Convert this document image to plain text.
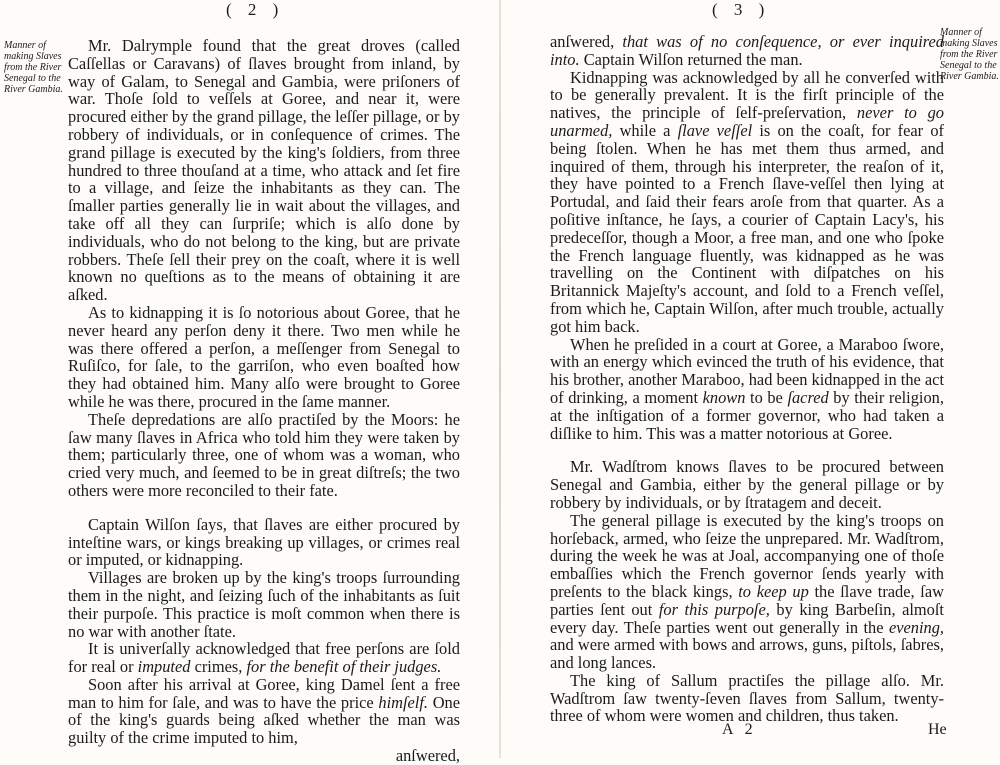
( 2 )
Manner of making Slaves from the River Senegal to the River Gambia.

Mr. Dalrymple found that the great droves (called Caſſellas or Caravans) of ſlaves brought from inland, by way of Galam, to Senegal and Gambia, were priſoners of war. Thoſe ſold to veſſels at Goree, and near it, were procured either by the grand pillage, the leſſer pillage, or by robbery of individuals, or in conſequence of crimes. The grand pillage is executed by the king's ſoldiers, from three hundred to three thouſand at a time, who attack and ſet fire to a village, and ſeize the inhabitants as they can. The ſmaller parties generally lie in wait about the villages, and take off all they can ſurpriſe; which is alſo done by individuals, who do not belong to the king, but are private robbers. Theſe ſell their prey on the coaſt, where it is well known no queſtions as to the means of obtaining it are aſked.

As to kidnapping it is ſo notorious about Goree, that he never heard any perſon deny it there. Two men while he was there offered a perſon, a meſſenger from Senegal to Ruſiſco, for ſale, to the garriſon, who even boaſted how they had obtained him. Many alſo were brought to Goree while he was there, procured in the ſame manner.

Theſe depredations are alſo practiſed by the Moors: he ſaw many ſlaves in Africa who told him they were taken by them; particularly three, one of whom was a woman, who cried very much, and ſeemed to be in great diſtreſs; the two others were more reconciled to their fate.

Captain Wilſon ſays, that ſlaves are either procured by inteſtine wars, or kings breaking up villages, or crimes real or imputed, or kidnapping.

Villages are broken up by the king's troops ſurrounding them in the night, and ſeizing ſuch of the inhabitants as ſuit their purpoſe. This practice is moſt common when there is no war with another ſtate.

It is univerſally acknowledged that free perſons are ſold for real or imputed crimes, for the benefit of their judges.

Soon after his arrival at Goree, king Damel ſent a free man to him for ſale, and was to have the price himſelf. One of the king's guards being aſked whether the man was guilty of the crime imputed to him,

anſwered,

( 3 )
Manner of making Slaves from the River Senegal to the River Gambia.

anſwered, that was of no conſequence, or ever inquired into. Captain Wilſon returned the man.

Kidnapping was acknowledged by all he converſed with to be generally prevalent. It is the firſt principle of the natives, the principle of ſelf-preſervation, never to go unarmed, while a ſlave veſſel is on the coaſt, for fear of being ſtolen. When he has met them thus armed, and inquired of them, through his interpreter, the reaſon of it, they have pointed to a French ſlave-veſſel then lying at Portudal, and ſaid their fears aroſe from that quarter. As a poſitive inſtance, he ſays, a courier of Captain Lacy's, his predeceſſor, though a Moor, a free man, and one who ſpoke the French language fluently, was kidnapped as he was travelling on the Continent with diſpatches on his Britannick Majeſty's account, and ſold to a French veſſel, from which he, Captain Wilſon, after much trouble, actually got him back.

When he preſided in a court at Goree, a Maraboo ſwore, with an energy which evinced the truth of his evidence, that his brother, another Maraboo, had been kidnapped in the act of drinking, a moment known to be ſacred by their religion, at the inſtigation of a former governor, who had taken a diſlike to him. This was a matter notorious at Goree.

Mr. Wadſtrom knows ſlaves to be procured between Senegal and Gambia, either by the general pillage or by robbery by individuals, or by ſtratagem and deceit.

The general pillage is executed by the king's troops on horſeback, armed, who ſeize the unprepared. Mr. Wadſtrom, during the week he was at Joal, accompanying one of thoſe embaſſies which the French governor ſends yearly with preſents to the black kings, to keep up the ſlave trade, ſaw parties ſent out for this purpoſe, by king Barbeſin, almoſt every day. Theſe parties went out generally in the evening, and were armed with bows and arrows, guns, piſtols, ſabres, and long lances.

The king of Sallum practiſes the pillage alſo. Mr. Wadſtrom ſaw twenty-ſeven ſlaves from Sallum, twenty-three of whom were women and children, thus taken.

A 2	He
